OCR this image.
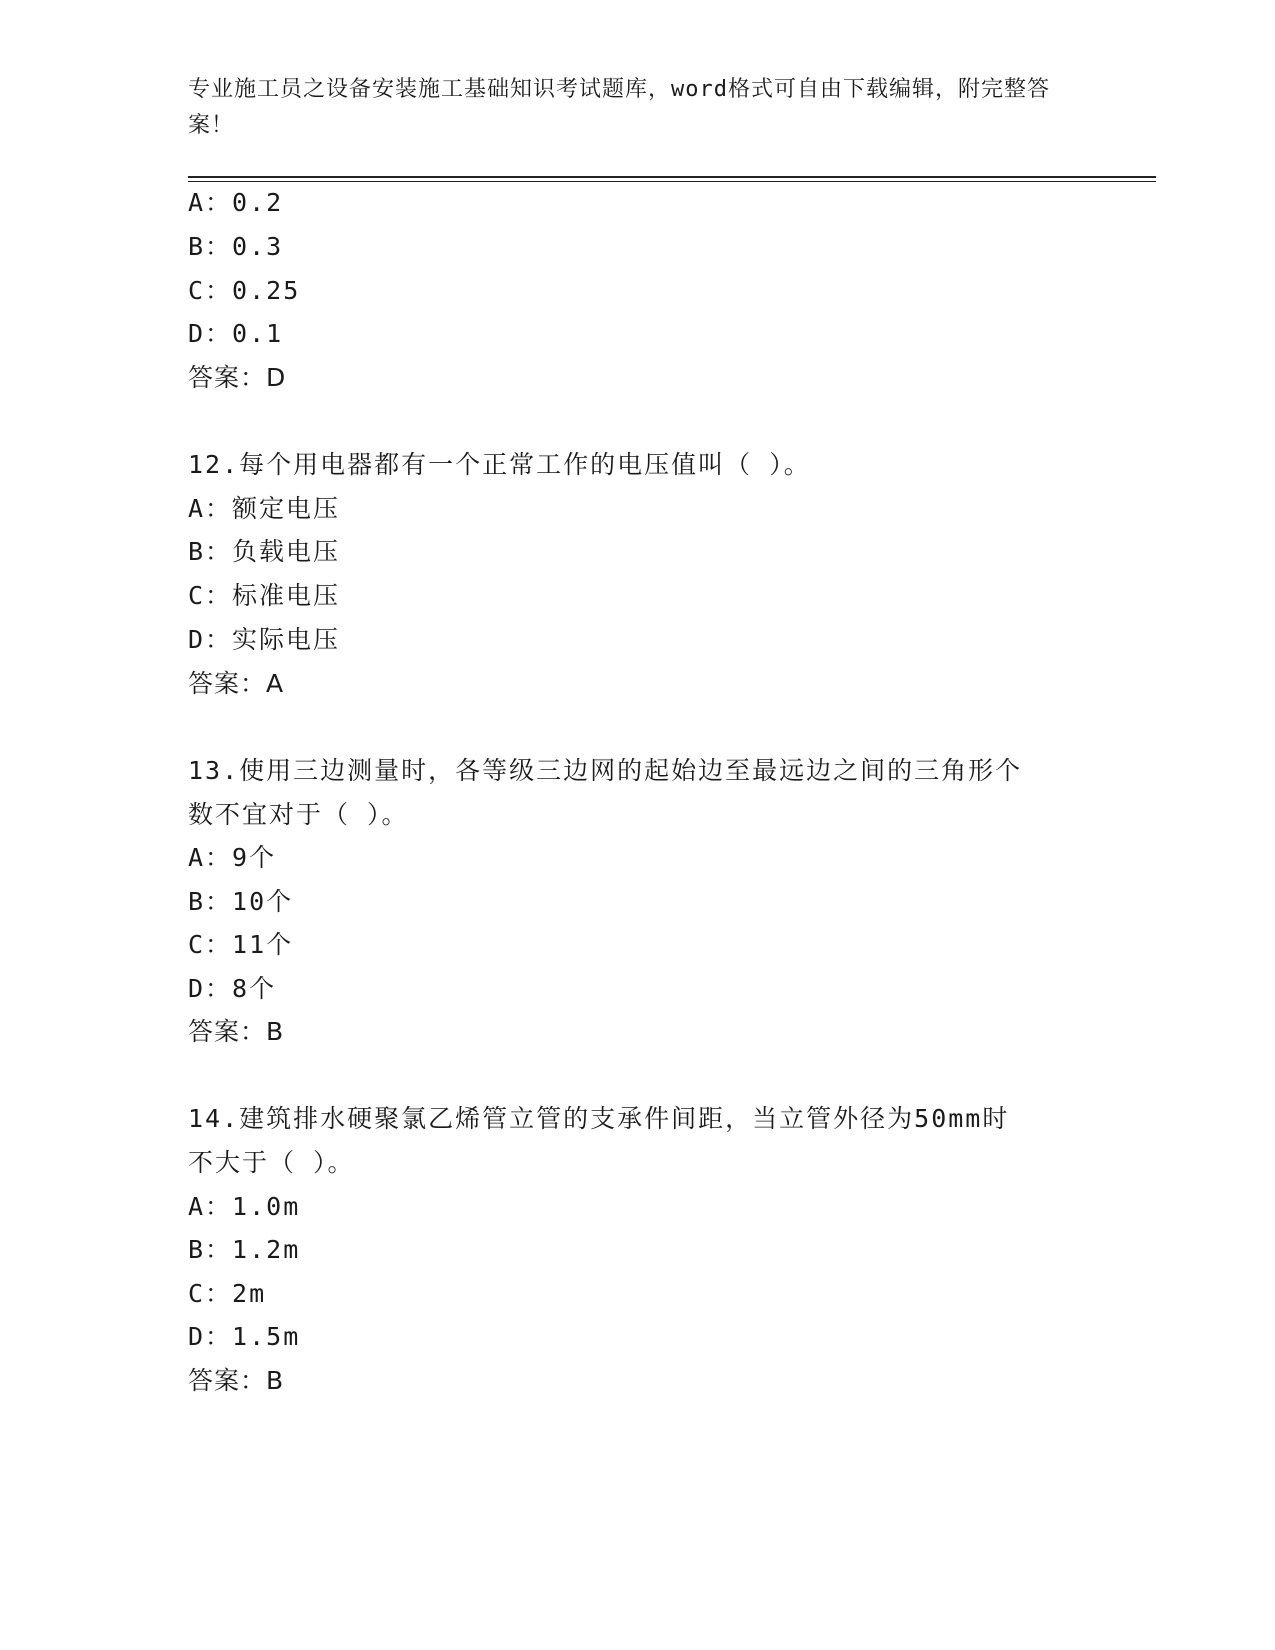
专业施工员之设备安装施工基础知识考试题库，word格式可自由下载编辑，附完整答案！
A：0.2
B：0.3
C：0.25
D：0.1
答案：D
12.每个用电器都有一个正常工作的电压值叫（ ）。
A：额定电压
B：负载电压
C：标准电压
D：实际电压
答案：A
13.使用三边测量时，各等级三边网的起始边至最远边之间的三角形个
数不宜对于（ ）。
A：9个
B：10个
C：11个
D：8个
答案：B
14.建筑排水硬聚氯乙烯管立管的支承件间距，当立管外径为50mm时
不大于（ ）。
A：1.0m
B：1.2m
C：2m
D：1.5m
答案：B
